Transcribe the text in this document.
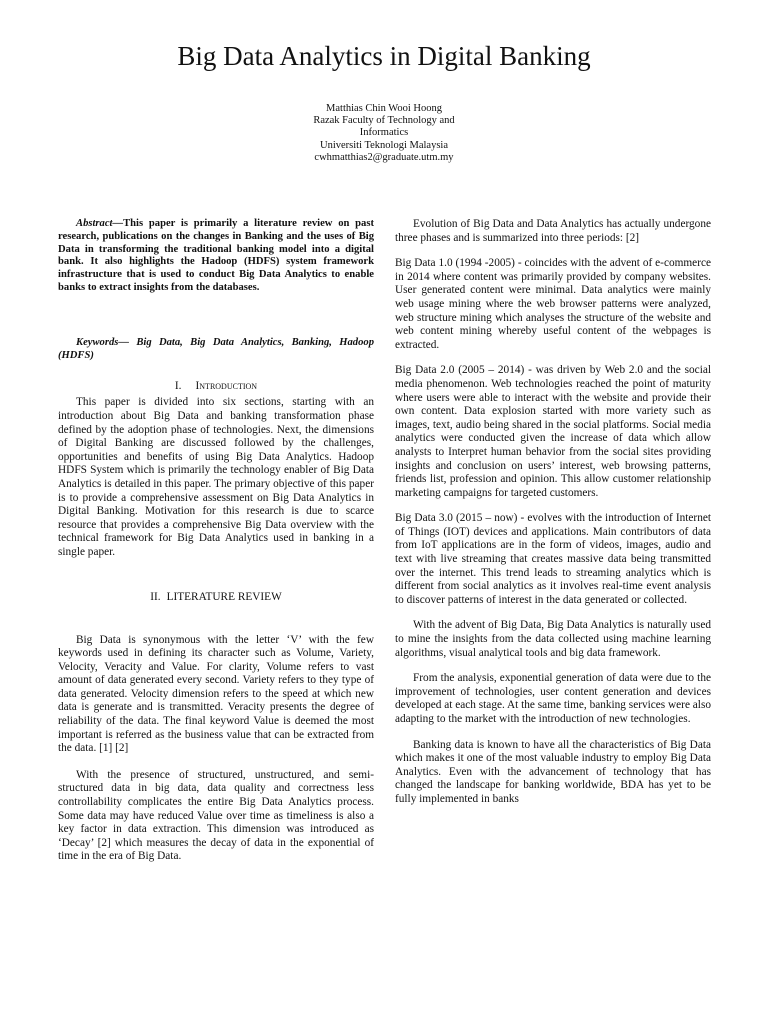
Big Data Analytics in Digital Banking
Matthias Chin Wooi Hoong
Razak Faculty of Technology and
Informatics
Universiti Teknologi Malaysia
cwhmatthias2@graduate.utm.my

Abstract—This paper is primarily a literature review on past research, publications on the changes in Banking and the uses of Big Data in transforming the traditional banking model into a digital bank. It also highlights the Hadoop (HDFS) system framework infrastructure that is used to conduct Big Data Analytics to enable banks to extract insights from the databases.

Keywords— Big Data, Big Data Analytics, Banking, Hadoop (HDFS)

I. Introduction

This paper is divided into six sections, starting with an introduction about Big Data and banking transformation phase defined by the adoption phase of technologies. Next, the dimensions of Digital Banking are discussed followed by the challenges, opportunities and benefits of using Big Data Analytics. Hadoop HDFS System which is primarily the technology enabler of Big Data Analytics is detailed in this paper. The primary objective of this paper is to provide a comprehensive assessment on Big Data Analytics in Digital Banking. Motivation for this research is due to scarce resource that provides a comprehensive Big Data overview with the technical framework for Big Data Analytics used in banking in a single paper.

II. LITERATURE REVIEW

Big Data is synonymous with the letter ‘V’ with the few keywords used in defining its character such as Volume, Variety, Velocity, Veracity and Value. For clarity, Volume refers to vast amount of data generated every second. Variety refers to they type of data generated. Velocity dimension refers to the speed at which new data is generate and is transmitted. Veracity presents the degree of reliability of the data. The final keyword Value is deemed the most important is referred as the business value that can be extracted from the data. [1] [2]

With the presence of structured, unstructured, and semi-structured data in big data, data quality and correctness less controllability complicates the entire Big Data Analytics process. Some data may have reduced Value over time as timeliness is also a key factor in data extraction. This dimension was introduced as ‘Decay’ [2] which measures the decay of data in the exponential of time in the era of Big Data.

Evolution of Big Data and Data Analytics has actually undergone three phases and is summarized into three periods: [2]

Big Data 1.0 (1994 -2005) - coincides with the advent of e-commerce in 2014 where content was primarily provided by company websites. User generated content were minimal. Data analytics were mainly web usage mining where the web browser patterns were analyzed, web structure mining which analyses the structure of the website and web content mining whereby useful content of the webpages is extracted.

Big Data 2.0 (2005 – 2014) - was driven by Web 2.0 and the social media phenomenon. Web technologies reached the point of maturity where users were able to interact with the website and provide their own content. Data explosion started with more variety such as images, text, audio being shared in the social platforms. Social media analytics were conducted given the increase of data which allow analysts to Interpret human behavior from the social sites providing insights and conclusion on users’ interest, web browsing patterns, friends list, profession and opinion. This allow customer relationship marketing campaigns for targeted customers.

Big Data 3.0 (2015 – now) - evolves with the introduction of Internet of Things (IOT) devices and applications. Main contributors of data from IoT applications are in the form of videos, images, audio and text with live streaming that creates massive data being transmitted over the internet. This trend leads to streaming analytics which is different from social analytics as it involves real-time event analysis to discover patterns of interest in the data generated or collected.

With the advent of Big Data, Big Data Analytics is naturally used to mine the insights from the data collected using machine learning algorithms, visual analytical tools and big data framework.

From the analysis, exponential generation of data were due to the improvement of technologies, user content generation and devices developed at each stage. At the same time, banking services were also adapting to the market with the introduction of new technologies.

Banking data is known to have all the characteristics of Big Data which makes it one of the most valuable industry to employ Big Data Analytics. Even with the advancement of technology that has changed the landscape for banking worldwide, BDA has yet to be fully implemented in banks
